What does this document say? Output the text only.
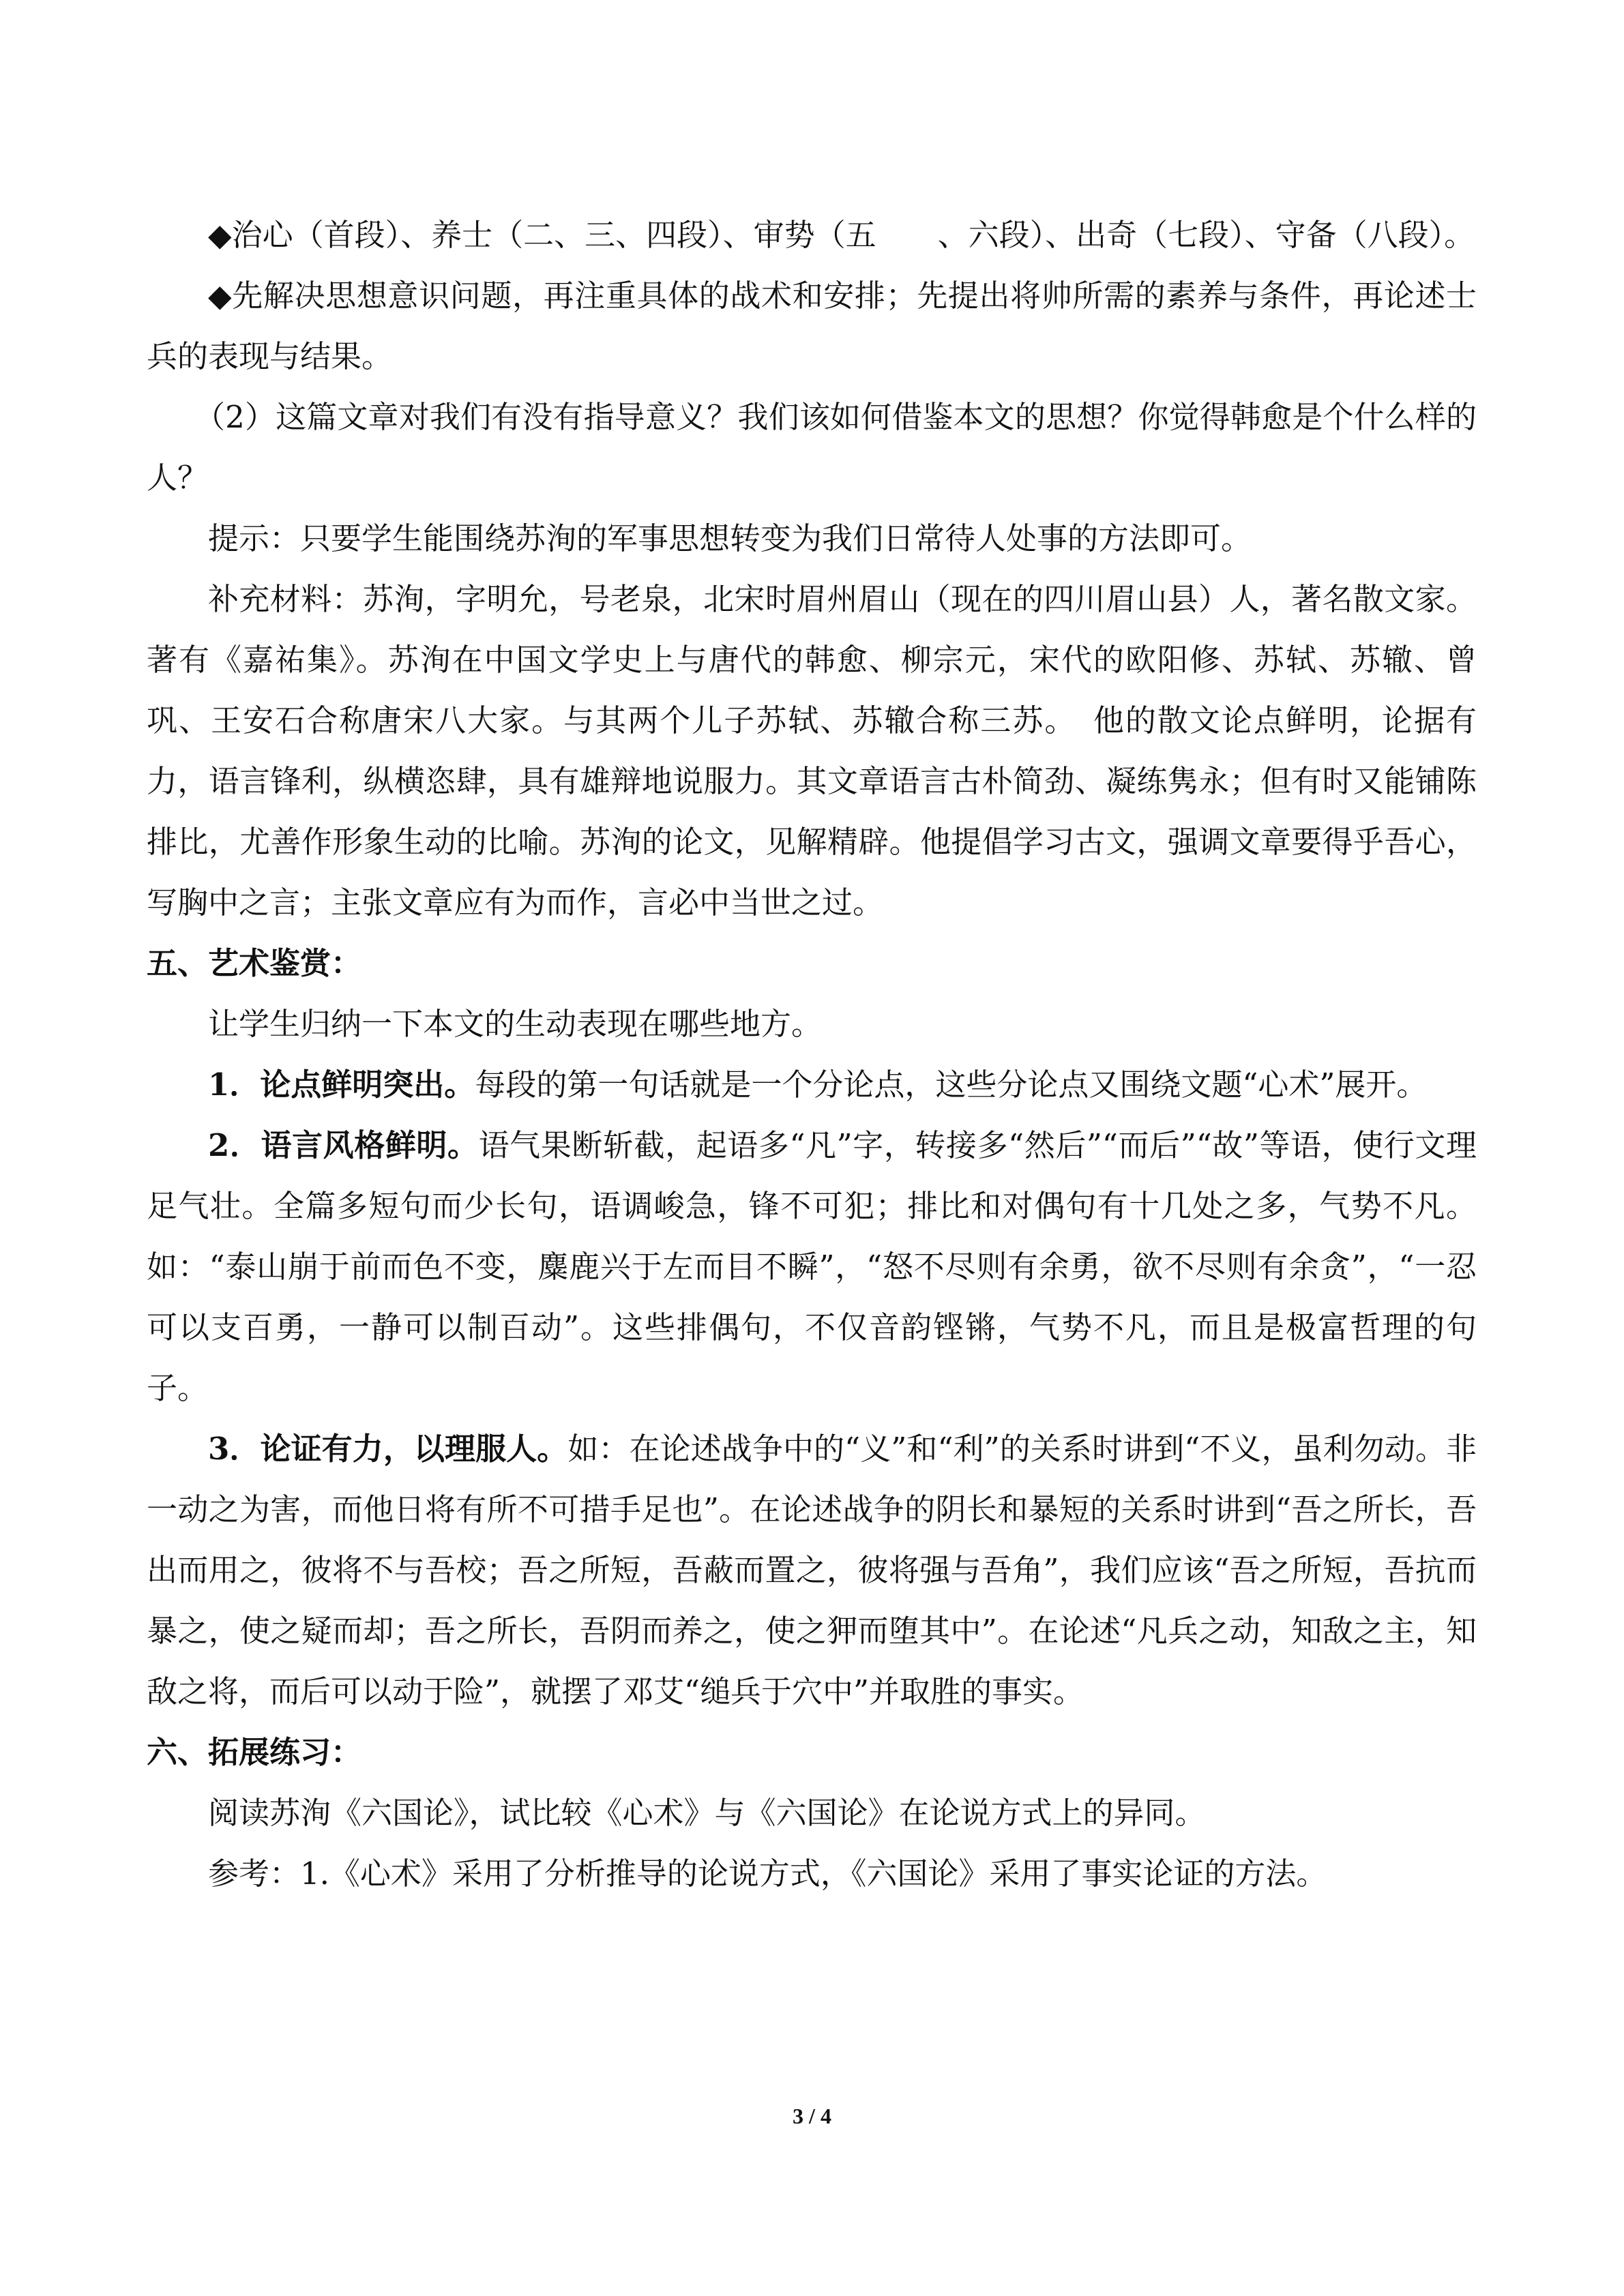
◆治心（首段）、养士（二、三、四段）、审势（五　　、六段）、出奇（七段）、守备（八段）。

◆先解决思想意识问题，再注重具体的战术和安排；先提出将帅所需的素养与条件，再论述士兵的表现与结果。

（2）这篇文章对我们有没有指导意义？我们该如何借鉴本文的思想？你觉得韩愈是个什么样的人？

提示：只要学生能围绕苏洵的军事思想转变为我们日常待人处事的方法即可。

补充材料：苏洵，字明允，号老泉，北宋时眉州眉山（现在的四川眉山县）人，著名散文家。著有《嘉祐集》。苏洵在中国文学史上与唐代的韩愈、柳宗元，宋代的欧阳修、苏轼、苏辙、曾巩、王安石合称唐宋八大家。与其两个儿子苏轼、苏辙合称三苏。　他的散文论点鲜明，论据有力，语言锋利，纵横恣肆，具有雄辩地说服力。其文章语言古朴简劲、凝练隽永；但有时又能铺陈排比，尤善作形象生动的比喻。苏洵的论文，见解精辟。他提倡学习古文，强调文章要得乎吾心，写胸中之言；主张文章应有为而作，言必中当世之过。

五、艺术鉴赏：

让学生归纳一下本文的生动表现在哪些地方。

1．论点鲜明突出。每段的第一句话就是一个分论点，这些分论点又围绕文题“心术”展开。

2．语言风格鲜明。语气果断斩截，起语多“凡”字，转接多“然后”“而后”“故”等语，使行文理足气壮。全篇多短句而少长句，语调峻急，锋不可犯；排比和对偶句有十几处之多，气势不凡。如：“泰山崩于前而色不变，麋鹿兴于左而目不瞬”，“怒不尽则有余勇，欲不尽则有余贪”，“一忍可以支百勇，一静可以制百动”。这些排偶句，不仅音韵铿锵，气势不凡，而且是极富哲理的句子。

3．论证有力，以理服人。如：在论述战争中的“义”和“利”的关系时讲到“不义，虽利勿动。非一动之为害，而他日将有所不可措手足也”。在论述战争的阴长和暴短的关系时讲到“吾之所长，吾出而用之，彼将不与吾校；吾之所短，吾蔽而置之，彼将强与吾角”，我们应该“吾之所短，吾抗而暴之，使之疑而却；吾之所长，吾阴而养之，使之狎而堕其中”。在论述“凡兵之动，知敌之主，知敌之将，而后可以动于险”，就摆了邓艾“缒兵于穴中”并取胜的事实。

六、拓展练习：

阅读苏洵《六国论》，试比较《心术》与《六国论》在论说方式上的异同。

参考：1.《心术》采用了分析推导的论说方式，《六国论》采用了事实论证的方法。

3 / 4
